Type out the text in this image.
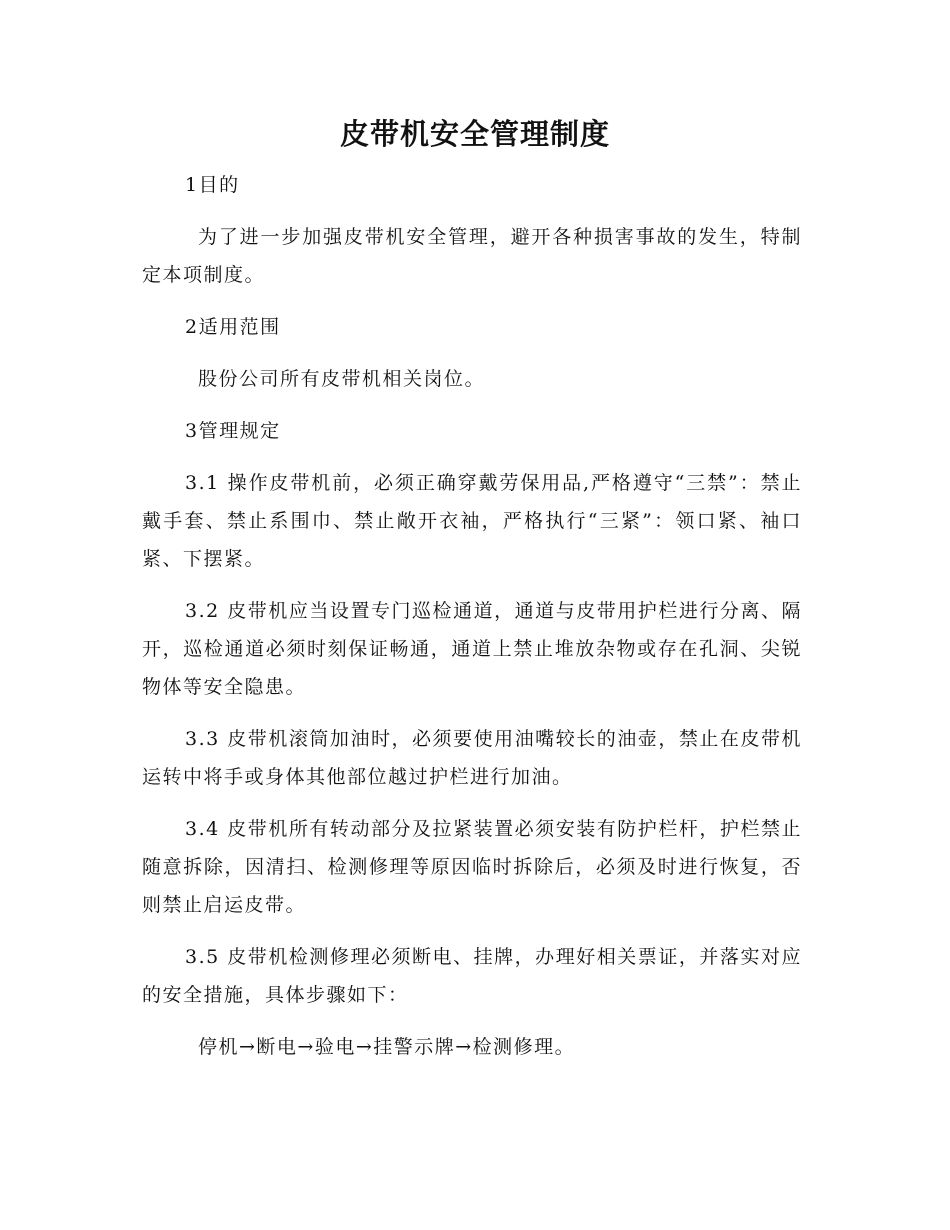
皮带机安全管理制度

1目的

为了进一步加强皮带机安全管理，避开各种损害事故的发生，特制定本项制度。

2适用范围

股份公司所有皮带机相关岗位。

3管理规定

3.1 操作皮带机前，必须正确穿戴劳保用品,严格遵守“三禁”：禁止戴手套、禁止系围巾、禁止敞开衣袖，严格执行“三紧”：领口紧、袖口紧、下摆紧。

3.2 皮带机应当设置专门巡检通道，通道与皮带用护栏进行分离、隔开，巡检通道必须时刻保证畅通，通道上禁止堆放杂物或存在孔洞、尖锐物体等安全隐患。

3.3 皮带机滚筒加油时，必须要使用油嘴较长的油壶，禁止在皮带机运转中将手或身体其他部位越过护栏进行加油。

3.4 皮带机所有转动部分及拉紧装置必须安装有防护栏杆，护栏禁止随意拆除，因清扫、检测修理等原因临时拆除后，必须及时进行恢复，否则禁止启运皮带。

3.5 皮带机检测修理必须断电、挂牌，办理好相关票证，并落实对应的安全措施，具体步骤如下：

停机→断电→验电→挂警示牌→检测修理。
